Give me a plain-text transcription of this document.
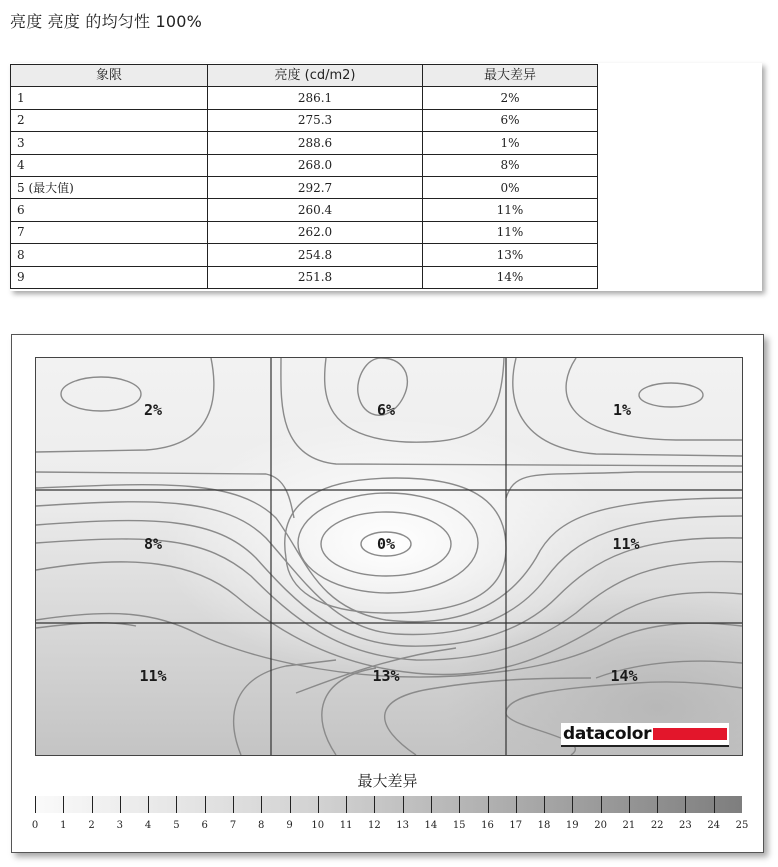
亮度 亮度 的均匀性 100%
象限	亮度 (cd/m2)	最大差异
1	286.1	2%
2	275.3	6%
3	288.6	1%
4	268.0	8%
5 (最大值)	292.7	0%
6	260.4	11%
7	262.0	11%
8	254.8	13%
9	251.8	14%
2%	6%	1%
8%	0%	11%
11%	13%	14%
datacolor
最大差异
0 1 2 3 4 5 6 7 8 9 10 11 12 13 14 15 16 17 18 19 20 21 22 23 24 25
